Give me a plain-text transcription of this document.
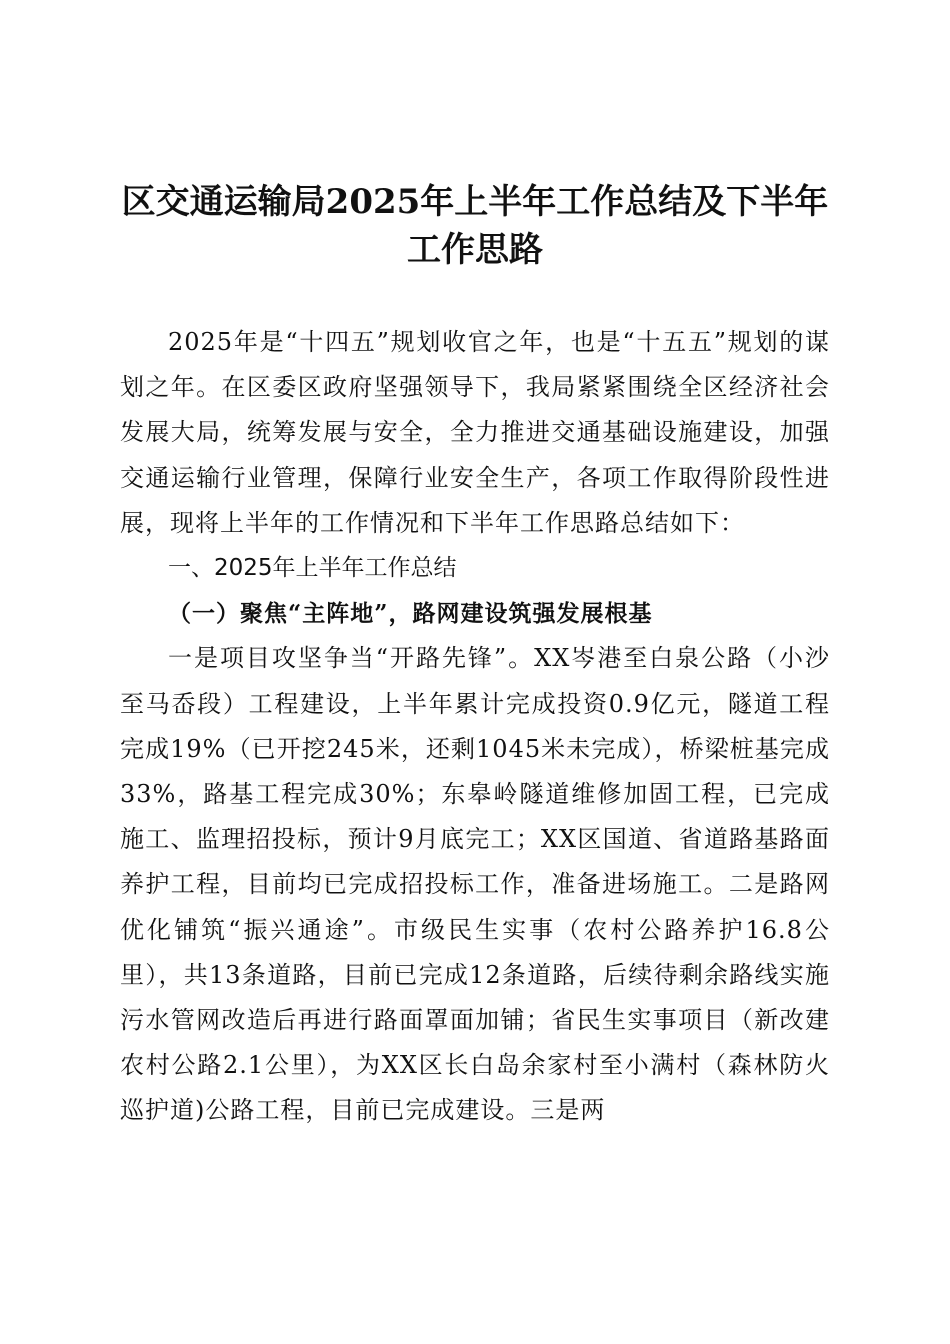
区交通运输局2025年上半年工作总结及下半年工作思路

2025年是“十四五”规划收官之年，也是“十五五”规划的谋划之年。在区委区政府坚强领导下，我局紧紧围绕全区经济社会发展大局，统筹发展与安全，全力推进交通基础设施建设，加强交通运输行业管理，保障行业安全生产，各项工作取得阶段性进展，现将上半年的工作情况和下半年工作思路总结如下：

一、2025年上半年工作总结

（一）聚焦“主阵地”，路网建设筑强发展根基

一是项目攻坚争当“开路先锋”。XX岑港至白泉公路（小沙至马岙段）工程建设，上半年累计完成投资0.9亿元，隧道工程完成19%（已开挖245米，还剩1045米未完成），桥梁桩基完成33%，路基工程完成30%；东皋岭隧道维修加固工程，已完成施工、监理招投标，预计9月底完工；XX区国道、省道路基路面养护工程，目前均已完成招投标工作，准备进场施工。二是路网优化铺筑“振兴通途”。市级民生实事（农村公路养护16.8公里），共13条道路，目前已完成12条道路，后续待剩余路线实施污水管网改造后再进行路面罩面加铺；省民生实事项目（新改建农村公路2.1公里），为XX区长白岛余家村至小满村（森林防火巡护道)公路工程，目前已完成建设。三是两
